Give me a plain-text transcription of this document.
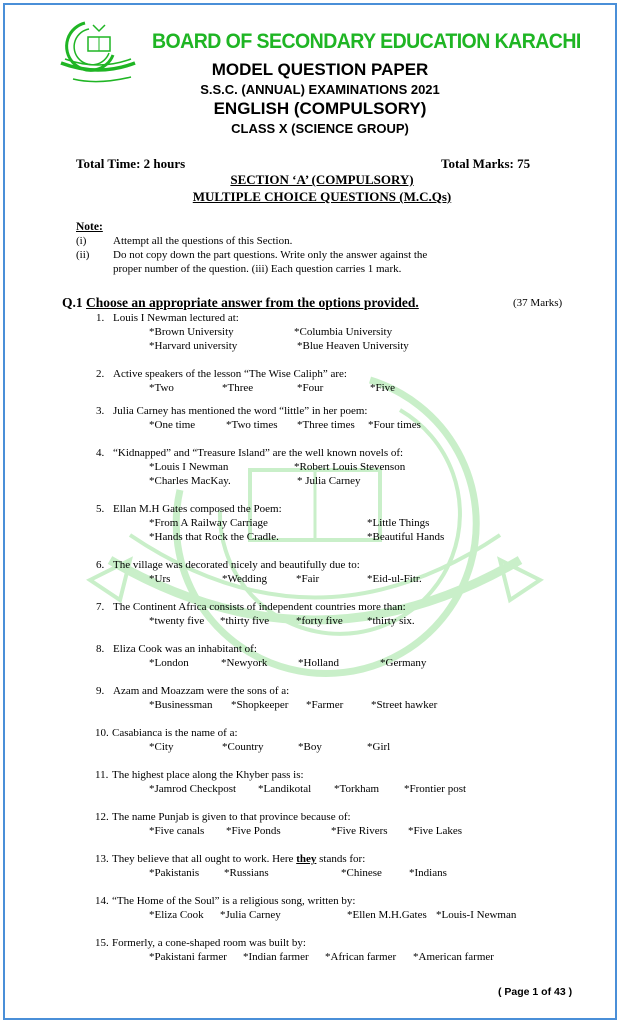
BOARD OF SECONDARY EDUCATION KARACHI
MODEL QUESTION PAPER
S.S.C. (ANNUAL) EXAMINATIONS 2021
ENGLISH (COMPULSORY)
CLASS X (SCIENCE GROUP)
Total Time: 2 hours	Total Marks: 75
SECTION ‘A’ (COMPULSORY)
MULTIPLE CHOICE QUESTIONS (M.C.Qs)
Note:
(i) Attempt all the questions of this Section.
(ii) Do not copy down the part questions. Write only the answer against the
proper number of the question. (iii) Each question carries 1 mark.
Q.1 Choose an appropriate answer from the options provided.	(37 Marks)
1. Louis I Newman lectured at:
*Brown University	*Columbia University
*Harvard university	*Blue Heaven University
2. Active speakers of the lesson “The Wise Caliph” are:
*Two	*Three	*Four	*Five
3. Julia Carney has mentioned the word “little” in her poem:
*One time	*Two times *Three times *Four times
4. “Kidnapped” and “Treasure Island” are the well known novels of:
*Louis I Newman	*Robert Louis Stevenson
*Charles MacKay.	* Julia Carney
5. Ellan M.H Gates composed the Poem:
*From A Railway Carriage	*Little Things
*Hands that Rock the Cradle.	*Beautiful Hands
6. The village was decorated nicely and beautifully due to:
*Urs	*Wedding	*Fair	*Eid-ul-Fitr.
7. The Continent Africa consists of independent countries more than:
*twenty five *thirty five *forty five *thirty six.
8. Eliza Cook was an inhabitant of:
*London	*Newyork	*Holland	*Germany
9. Azam and Moazzam were the sons of a:
*Businessman *Shopkeeper *Farmer	*Street hawker
10. Casabianca is the name of a:
*City	*Country	*Boy	*Girl
11. The highest place along the Khyber pass is:
*Jamrod Checkpost *Landikotal *Torkham *Frontier post
12. The name Punjab is given to that province because of:
*Five canals *Five Ponds	*Five Rivers *Five Lakes
13. They believe that all ought to work. Here they stands for:
*Pakistanis *Russians	*Chinese *Indians
14. “The Home of the Soul” is a religious song, written by:
*Eliza Cook *Julia Carney	*Ellen M.H.Gates *Louis-I Newman
15. Formerly, a cone-shaped room was built by:
*Pakistani farmer *Indian farmer *African farmer *American farmer
( Page 1 of 43 )
